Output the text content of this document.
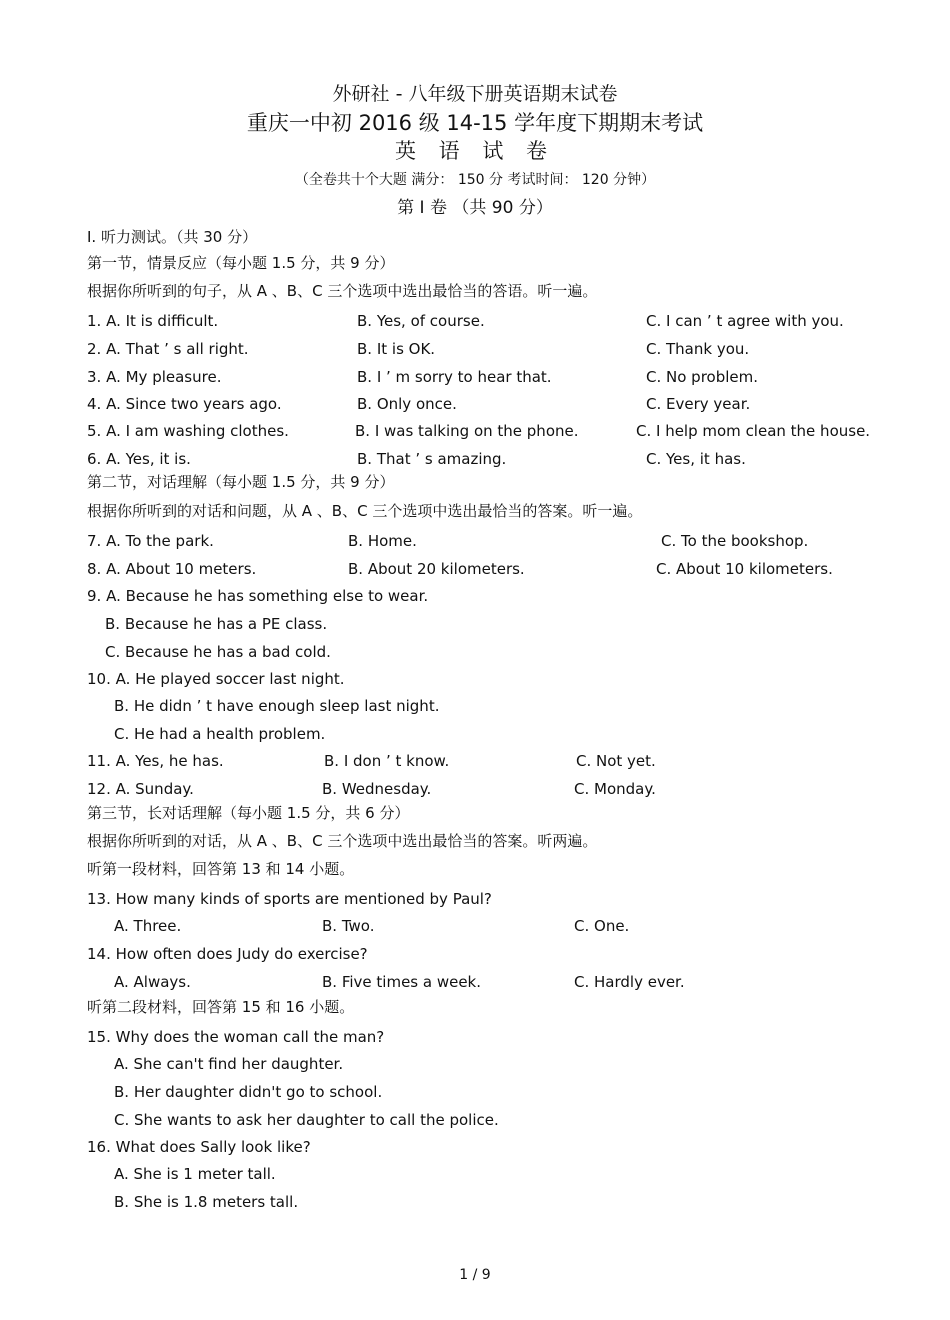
外研社 - 八年级下册英语期末试卷
重庆一中初 2016 级 14-15 学年度下期期末考试
英 语 试 卷
（全卷共十个大题 满分： 150 分 考试时间： 120 分钟）
第 I 卷 （共 90 分）
I. 听力测试。（共 30 分）
第一节，情景反应（每小题 1.5 分，共 9 分）
根据你所听到的句子，从 A 、B、C 三个选项中选出最恰当的答语。听一遍。
1. A. It is difficult.	B. Yes, of course.	C. I can ’ t agree with you.
2. A. That ’ s all right.	B. It is OK.	C. Thank you.
3. A. My pleasure.	B. I ’ m sorry to hear that.	C. No problem.
4. A. Since two years ago.	B. Only once.	C. Every year.
5. A. I am washing clothes.	B. I was talking on the phone.	C. I help mom clean the house.
6. A. Yes, it is.	B. That ’ s amazing.	C. Yes, it has.
第二节，对话理解（每小题 1.5 分，共 9 分）
根据你所听到的对话和问题，从 A 、B、C 三个选项中选出最恰当的答案。听一遍。
7. A. To the park.	B. Home.	C. To the bookshop.
8. A. About 10 meters.	B. About 20 kilometers.	C. About 10 kilometers.
9. A. Because he has something else to wear.
B. Because he has a PE class.
C. Because he has a bad cold.
10. A. He played soccer last night.
B. He didn ’ t have enough sleep last night.
C. He had a health problem.
11. A. Yes, he has.	B. I don ’ t know.	C. Not yet.
12. A. Sunday.	B. Wednesday.	C. Monday.
第三节，长对话理解（每小题 1.5 分，共 6 分）
根据你所听到的对话，从 A 、B、C 三个选项中选出最恰当的答案。听两遍。
听第一段材料，回答第 13 和 14 小题。
13. How many kinds of sports are mentioned by Paul?
A. Three.	B. Two.	C. One.
14. How often does Judy do exercise?
A. Always.	B. Five times a week.	C. Hardly ever.
听第二段材料，回答第 15 和 16 小题。
15. Why does the woman call the man?
A. She can't find her daughter.
B. Her daughter didn't go to school.
C. She wants to ask her daughter to call the police.
16. What does Sally look like?
A. She is 1 meter tall.
B. She is 1.8 meters tall.
1 / 9
